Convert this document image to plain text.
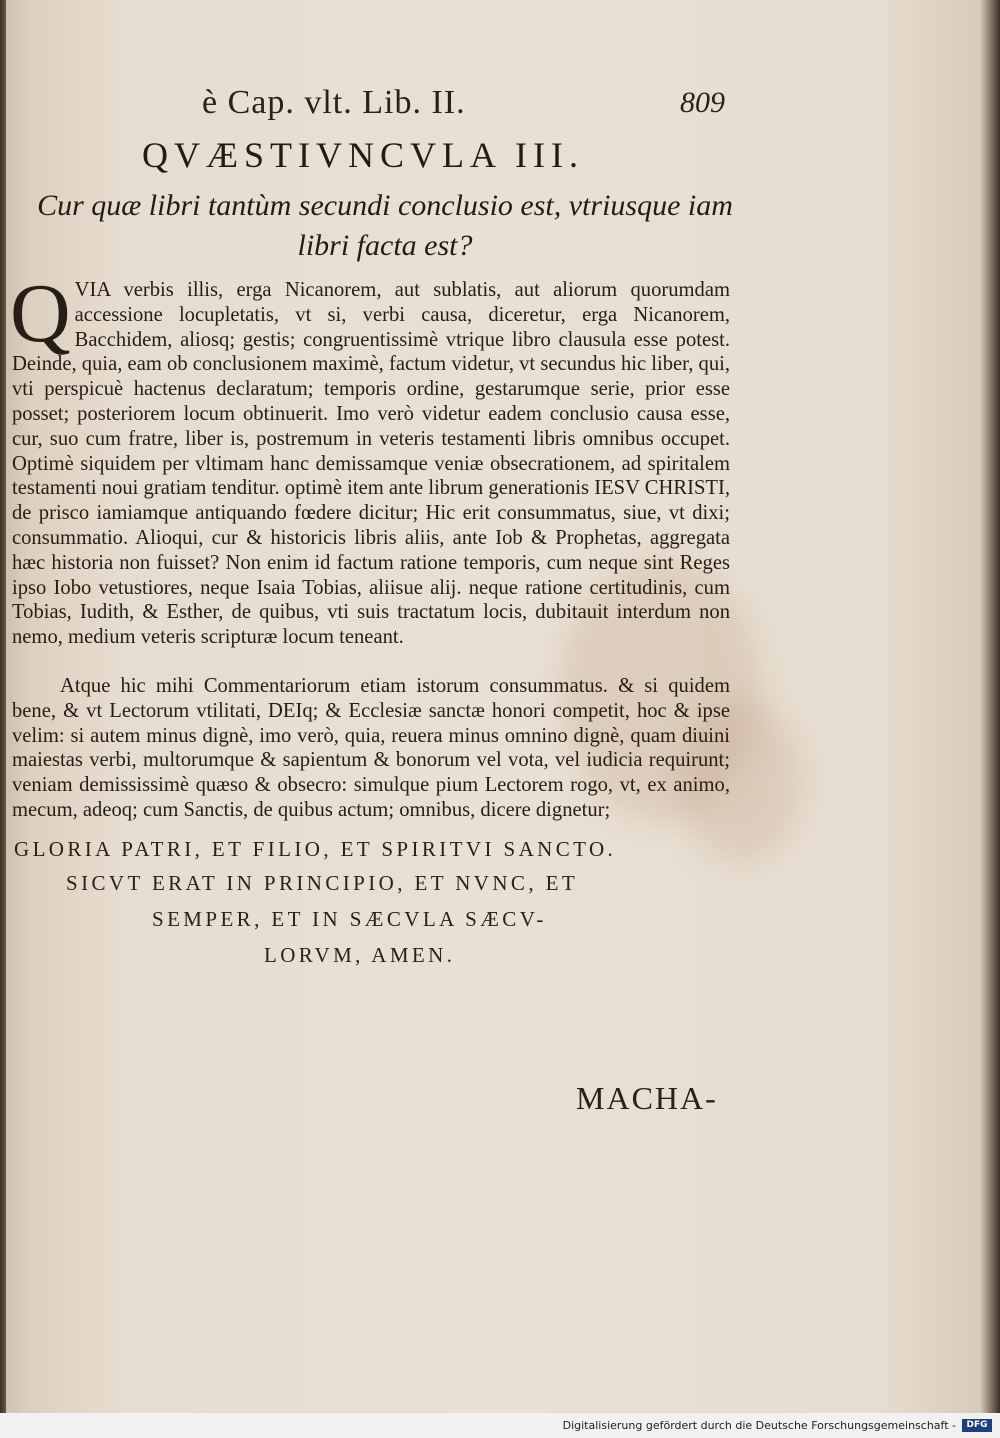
è Cap. vlt. Lib. II.	809
QVÆSTIVNCVLA III.
Cur quæ libri tantùm secundi conclusio est, vtriusque iam libri facta est?

QVIA verbis illis, erga Nicanorem, aut sublatis, aut aliorum quorumdam accessione locupletatis, vt si, verbi causa, diceretur, erga Nicanorem, Bacchidem, aliosq; gestis; congruentissimè vtrique libro clausula esse potest. Deinde, quia, eam ob conclusionem maximè, factum videtur, vt secundus hic liber, qui, vti perspicuè hactenus declaratum; temporis ordine, gestarumque serie, prior esse posset; posteriorem locum obtinuerit. Imo verò videtur eadem conclusio causa esse, cur, suo cum fratre, liber is, postremum in veteris testamenti libris omnibus occupet. Optimè siquidem per vltimam hanc demissamque veniæ obsecrationem, ad spiritalem testamenti noui gratiam tenditur. optimè item ante librum generationis IESV CHRISTI, de prisco iamiamque antiquando fœdere dicitur; Hic erit consummatus, siue, vt dixi; consummatio. Alioqui, cur & historicis libris aliis, ante Iob & Prophetas, aggregata hæc historia non fuisset? Non enim id factum ratione temporis, cum neque sint Reges ipso Iobo vetustiores, neque Isaia Tobias, aliisue alij. neque ratione certitudinis, cum Tobias, Iudith, & Esther, de quibus, vti suis tractatum locis, dubitauit interdum non nemo, medium veteris scripturæ locum teneant.

Atque hic mihi Commentariorum etiam istorum consummatus. & si quidem bene, & vt Lectorum vtilitati, DEIq; & Ecclesiæ sanctæ honori competit, hoc & ipse velim: si autem minus dignè, imo verò, quia, reuera minus omnino dignè, quam diuini maiestas verbi, multorumque & sapientum & bonorum vel vota, vel iudicia requirunt; veniam demississimè quæso & obsecro: simulque pium Lectorem rogo, vt, ex animo, mecum, adeoq; cum Sanctis, de quibus actum; omnibus, dicere dignetur;

GLORIA PATRI, ET FILIO, ET SPIRITVI SANCTO.
SICVT ERAT IN PRINCIPIO, ET NVNC, ET
SEMPER, ET IN SÆCVLA SÆCV-
LORVM, AMEN.
MACHA-
Digitalisierung gefördert durch die Deutsche Forschungsgemeinschaft -	DFG
